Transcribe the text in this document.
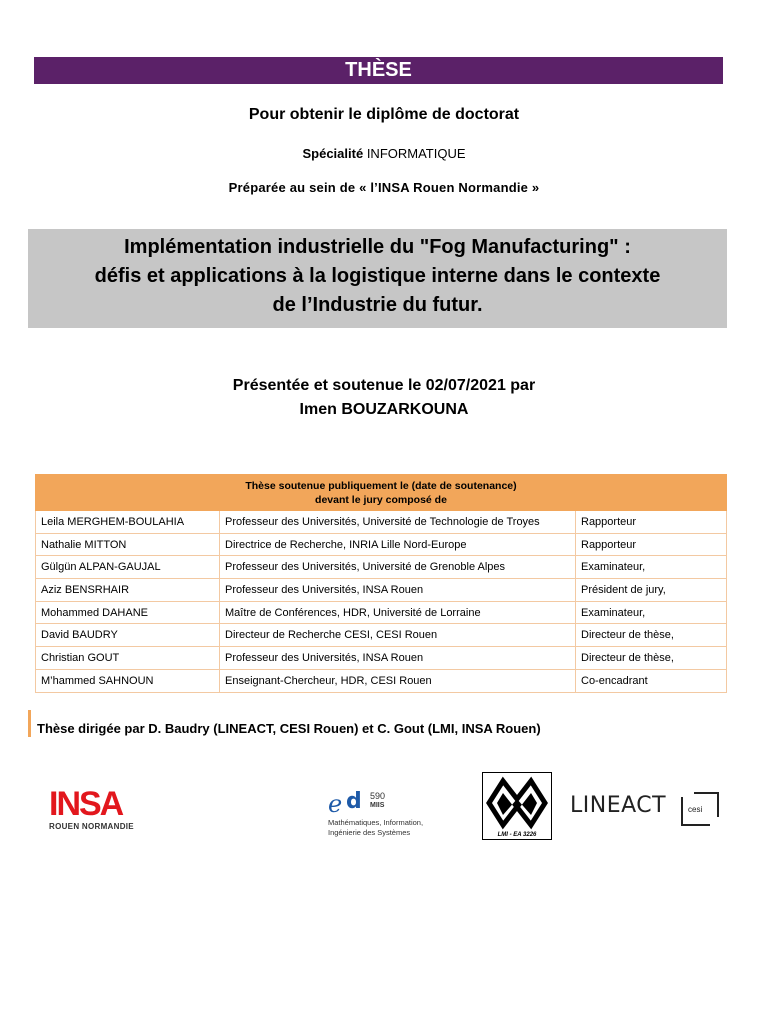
THÈSE
Pour obtenir le diplôme de doctorat
Spécialité INFORMATIQUE
Préparée au sein de « l’INSA Rouen Normandie »
Implémentation industrielle du "Fog Manufacturing" :
défis et applications à la logistique interne dans le contexte
de l’Industrie du futur.
Présentée et soutenue le 02/07/2021 par
Imen BOUZARKOUNA
Thèse soutenue publiquement le (date de soutenance)
devant le jury composé de		
Leila MERGHEM-BOULAHIA	Professeur des Universités, Université de Technologie de Troyes	Rapporteur
Nathalie MITTON	Directrice de Recherche, INRIA Lille Nord-Europe	Rapporteur
Gülgün ALPAN-GAUJAL	Professeur des Universités, Université de Grenoble Alpes	Examinateur,
Aziz BENSRHAIR	Professeur des Universités, INSA Rouen	Président de jury,
Mohammed DAHANE	Maître de Conférences, HDR, Université de Lorraine	Examinateur,
David BAUDRY	Directeur de Recherche CESI, CESI Rouen	Directeur de thèse,
Christian GOUT	Professeur des Universités, INSA Rouen	Directeur de thèse,
M’hammed SAHNOUN	Enseignant-Chercheur, HDR, CESI Rouen	Co-encadrant
Thèse dirigée par D. Baudry (LINEACT, CESI Rouen) et C. Gout (LMI, INSA Rouen)
INSA
ROUEN NORMANDIE
e d 590
MIIS
Mathématiques, Information,
Ingénierie des Systèmes	LMI - EA 3226
LINEACT	cesi
